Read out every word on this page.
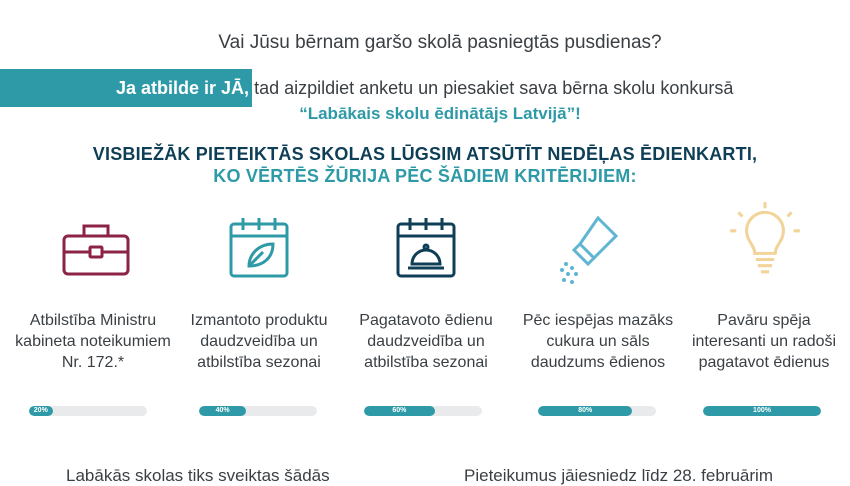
Vai Jūsu bērnam garšo skolā pasniegtās pusdienas?
Ja atbilde ir JĀ, tad aizpildiet anketu un piesakiet sava bērna skolu konkursā
“Labākais skolu ēdinātājs Latvijā”!
VISBIEŽĀK PIETEIKTĀS SKOLAS LŪGSIM ATSŪTĪT NEDĒĻAS ĒDIENKARTI,
KO VĒRTĒS ŽŪRIJA PĒC ŠĀDIEM KRITĒRIJIEM:
Atbilstība Ministru kabineta noteikumiem Nr. 172.*
20%
Izmantoto produktu daudzveidība un atbilstība sezonai
40%
Pagatavoto ēdienu daudzveidība un atbilstība sezonai
60%
Pēc iespējas mazāks cukura un sāls daudzums ēdienos
80%
Pavāru spēja interesanti un radoši pagatavot ēdienus
100%
Labākās skolas tiks sveiktas šādās	Pieteikumus jāiesniedz līdz 28. februārim
